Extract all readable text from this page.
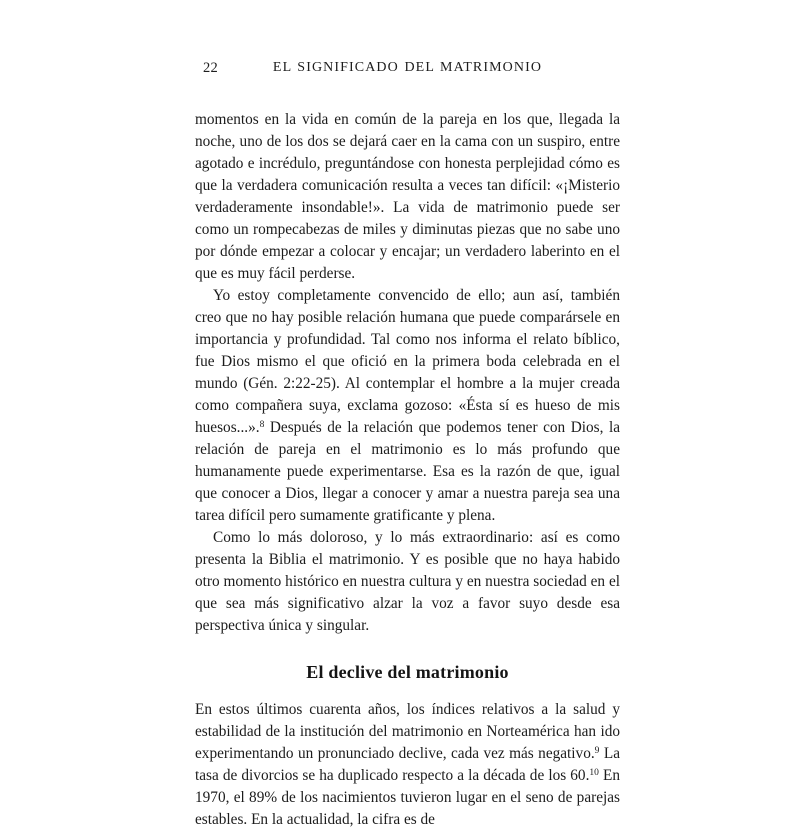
22	EL SIGNIFICADO DEL MATRIMONIO

momentos en la vida en común de la pareja en los que, llegada la noche, uno de los dos se dejará caer en la cama con un suspiro, entre agotado e incrédulo, preguntándose con honesta perplejidad cómo es que la verdadera comunicación resulta a veces tan difícil: «¡Misterio verdaderamente insondable!». La vida de matrimonio puede ser como un rompecabezas de miles y diminutas piezas que no sabe uno por dónde empezar a colocar y encajar; un verdadero laberinto en el que es muy fácil perderse.

Yo estoy completamente convencido de ello; aun así, también creo que no hay posible relación humana que puede comparársele en importancia y profundidad. Tal como nos informa el relato bíblico, fue Dios mismo el que ofició en la primera boda celebrada en el mundo (Gén. 2:22-25). Al contemplar el hombre a la mujer creada como compañera suya, exclama gozoso: «Ésta sí es hueso de mis huesos...».$^8$ Después de la relación que podemos tener con Dios, la relación de pareja en el matrimonio es lo más profundo que humanamente puede experimentarse. Esa es la razón de que, igual que conocer a Dios, llegar a conocer y amar a nuestra pareja sea una tarea difícil pero sumamente gratificante y plena.

Como lo más doloroso, y lo más extraordinario: así es como presenta la Biblia el matrimonio. Y es posible que no haya habido otro momento histórico en nuestra cultura y en nuestra sociedad en el que sea más significativo alzar la voz a favor suyo desde esa perspectiva única y singular.

El declive del matrimonio

En estos últimos cuarenta años, los índices relativos a la salud y estabilidad de la institución del matrimonio en Norteamérica han ido experimentando un pronunciado declive, cada vez más negativo.$^9$ La tasa de divorcios se ha duplicado respecto a la década de los 60.10 En 1970, el 89% de los nacimientos tuvieron lugar en el seno de parejas estables. En la actualidad, la cifra es de
